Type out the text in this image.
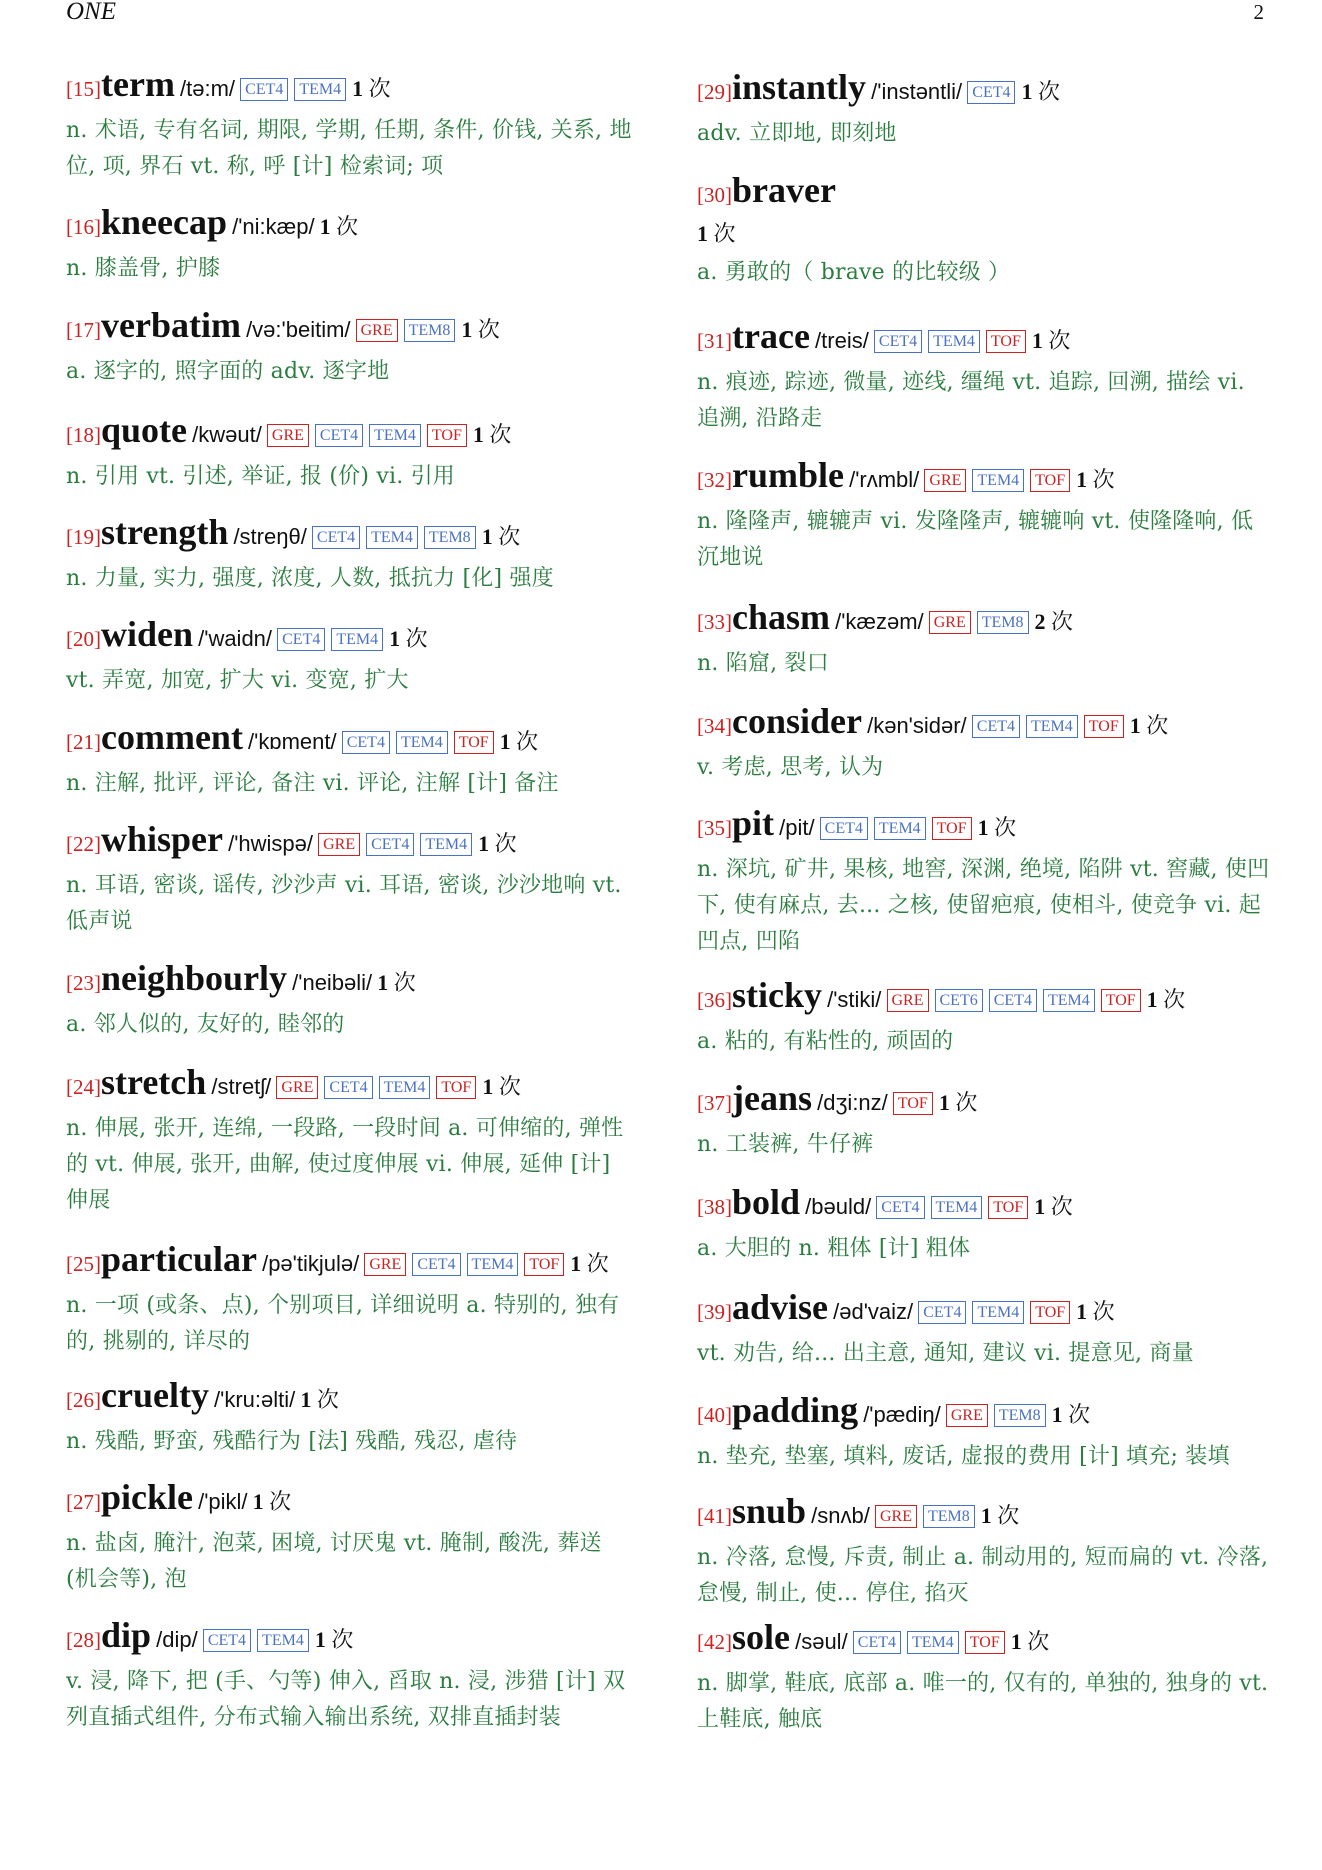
ONE	2
[15]term /tə:m/ CET4 TEM4 1 次
n. 术语, 专有名词, 期限, 学期, 任期, 条件, 价钱, 关系, 地位, 项, 界石 vt. 称, 呼 [计] 检索词; 项
[16]kneecap /'ni:kæp/ 1 次
n. 膝盖骨, 护膝
[17]verbatim /və:'beitim/ GRE TEM8 1 次
a. 逐字的, 照字面的 adv. 逐字地
[18]quote /kwəut/ GRE CET4 TEM4 TOF 1 次
n. 引用 vt. 引述, 举证, 报 (价) vi. 引用
[19]strength /streŋθ/ CET4 TEM4 TEM8 1 次
n. 力量, 实力, 强度, 浓度, 人数, 抵抗力 [化] 强度
[20]widen /'waidn/ CET4 TEM4 1 次
vt. 弄宽, 加宽, 扩大 vi. 变宽, 扩大
[21]comment /'kɒment/ CET4 TEM4 TOF 1 次
n. 注解, 批评, 评论, 备注 vi. 评论, 注解 [计] 备注
[22]whisper /'hwispə/ GRE CET4 TEM4 1 次
n. 耳语, 密谈, 谣传, 沙沙声 vi. 耳语, 密谈, 沙沙地响 vt. 低声说
[23]neighbourly /'neibəli/ 1 次
a. 邻人似的, 友好的, 睦邻的
[24]stretch /stretʃ/ GRE CET4 TEM4 TOF 1 次
n. 伸展, 张开, 连绵, 一段路, 一段时间 a. 可伸缩的, 弹性的 vt. 伸展, 张开, 曲解, 使过度伸展 vi. 伸展, 延伸 [计] 伸展
[25]particular /pə'tikjulə/ GRE CET4 TEM4 TOF 1 次
n. 一项 (或条、点), 个别项目, 详细说明 a. 特别的, 独有的, 挑剔的, 详尽的
[26]cruelty /'kru:əlti/ 1 次
n. 残酷, 野蛮, 残酷行为 [法] 残酷, 残忍, 虐待
[27]pickle /'pikl/ 1 次
n. 盐卤, 腌汁, 泡菜, 困境, 讨厌鬼 vt. 腌制, 酸洗, 葬送 (机会等), 泡
[28]dip /dip/ CET4 TEM4 1 次
v. 浸, 降下, 把 (手、勺等) 伸入, 舀取 n. 浸, 涉猎 [计] 双列直插式组件, 分布式输入输出系统, 双排直插封装
[29]instantly /'instəntli/ CET4 1 次
adv. 立即地, 即刻地
[30]braver
1 次
a. 勇敢的（ brave 的比较级 ）
[31]trace /treis/ CET4 TEM4 TOF 1 次
n. 痕迹, 踪迹, 微量, 迹线, 缰绳 vt. 追踪, 回溯, 描绘 vi. 追溯, 沿路走
[32]rumble /'rʌmbl/ GRE TEM4 TOF 1 次
n. 隆隆声, 辘辘声 vi. 发隆隆声, 辘辘响 vt. 使隆隆响, 低沉地说
[33]chasm /'kæzəm/ GRE TEM8 2 次
n. 陷窟, 裂口
[34]consider /kən'sidər/ CET4 TEM4 TOF 1 次
v. 考虑, 思考, 认为
[35]pit /pit/ CET4 TEM4 TOF 1 次
n. 深坑, 矿井, 果核, 地窖, 深渊, 绝境, 陷阱 vt. 窖藏, 使凹下, 使有麻点, 去... 之核, 使留疤痕, 使相斗, 使竞争 vi. 起凹点, 凹陷
[36]sticky /'stiki/ GRE CET6 CET4 TEM4 TOF 1 次
a. 粘的, 有粘性的, 顽固的
[37]jeans /dʒi:nz/ TOF 1 次
n. 工装裤, 牛仔裤
[38]bold /bəuld/ CET4 TEM4 TOF 1 次
a. 大胆的 n. 粗体 [计] 粗体
[39]advise /əd'vaiz/ CET4 TEM4 TOF 1 次
vt. 劝告, 给... 出主意, 通知, 建议 vi. 提意见, 商量
[40]padding /'pædiŋ/ GRE TEM8 1 次
n. 垫充, 垫塞, 填料, 废话, 虚报的费用 [计] 填充; 装填
[41]snub /snʌb/ GRE TEM8 1 次
n. 冷落, 怠慢, 斥责, 制止 a. 制动用的, 短而扁的 vt. 冷落, 怠慢, 制止, 使... 停住, 掐灭
[42]sole /səul/ CET4 TEM4 TOF 1 次
n. 脚掌, 鞋底, 底部 a. 唯一的, 仅有的, 单独的, 独身的 vt. 上鞋底, 触底
